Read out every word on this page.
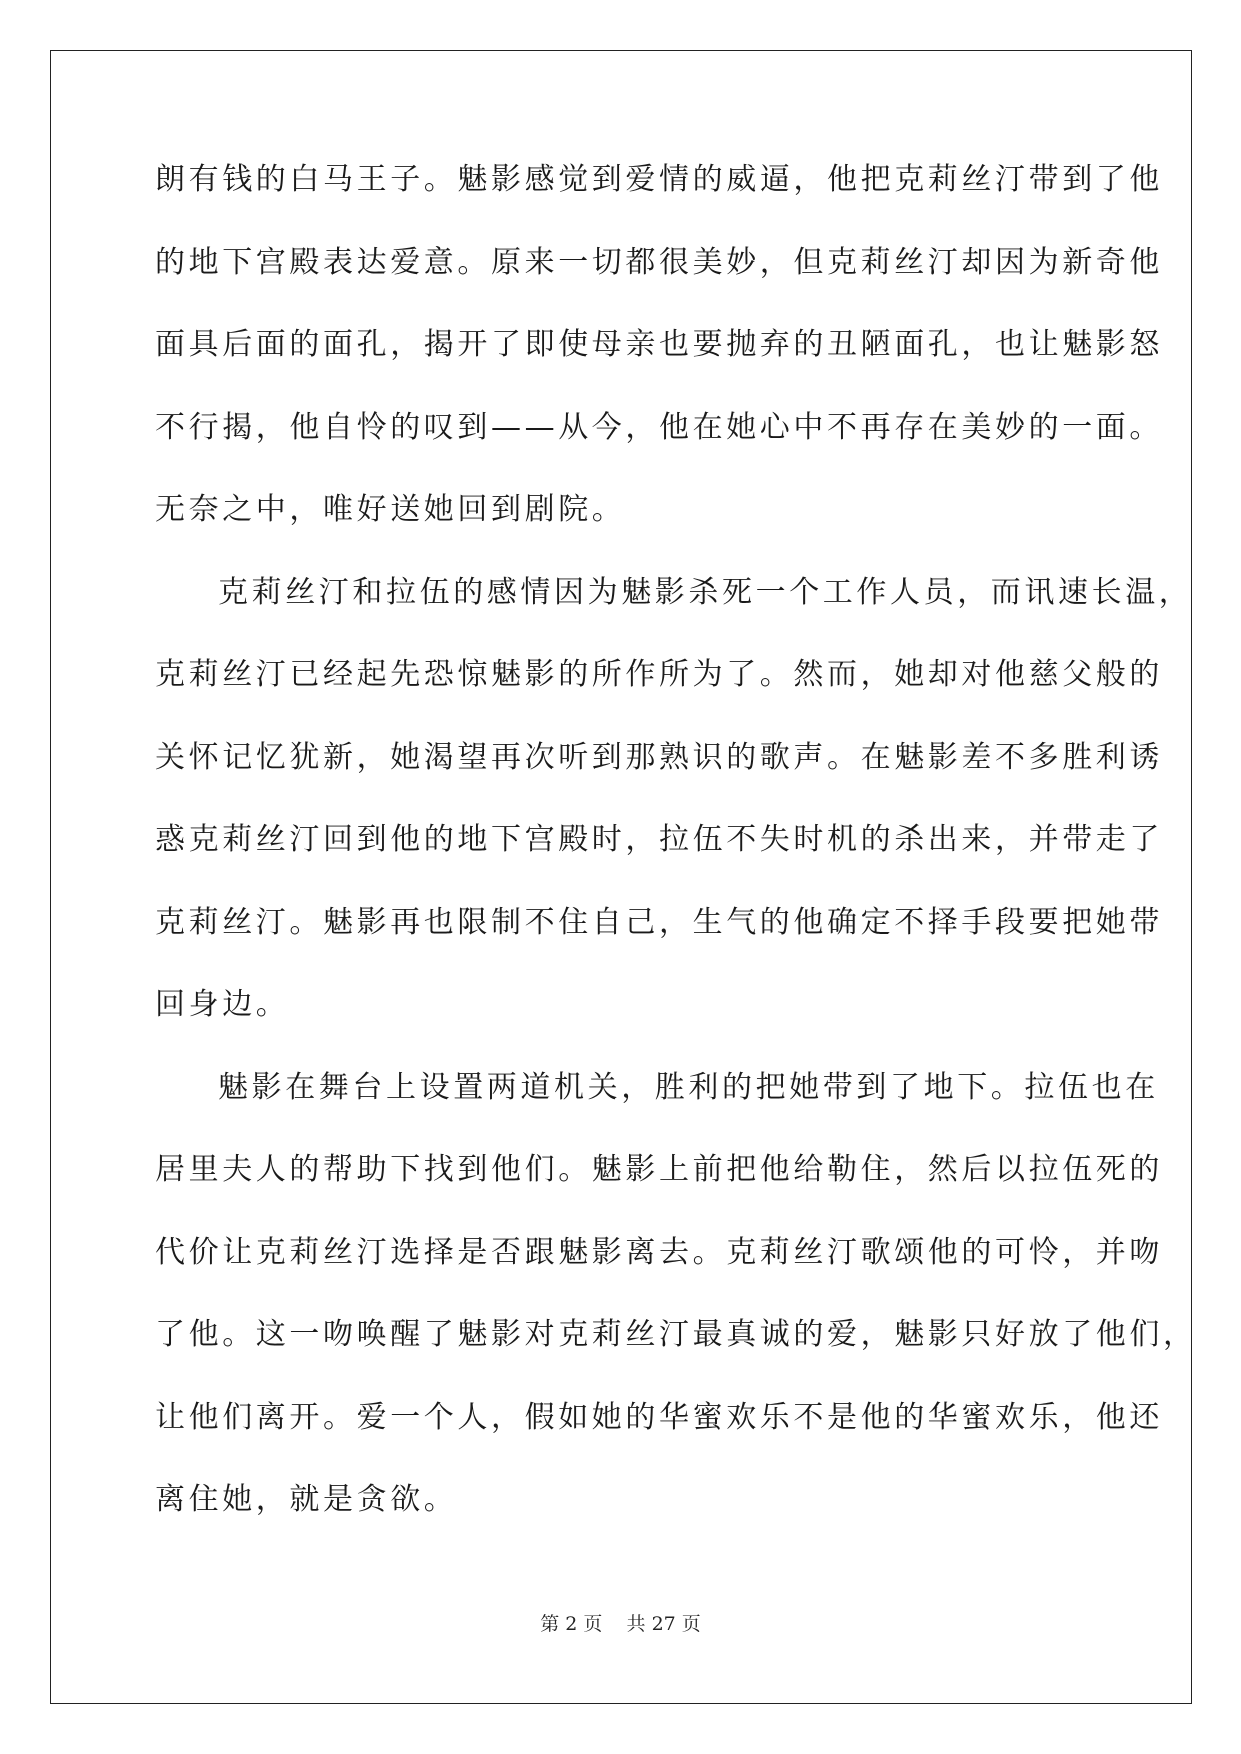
朗有钱的白马王子。魅影感觉到爱情的威逼，他把克莉丝汀带到了他
的地下宫殿表达爱意。原来一切都很美妙，但克莉丝汀却因为新奇他
面具后面的面孔，揭开了即使母亲也要抛弃的丑陋面孔，也让魅影怒
不行揭，他自怜的叹到——从今，他在她心中不再存在美妙的一面。
无奈之中，唯好送她回到剧院。
克莉丝汀和拉伍的感情因为魅影杀死一个工作人员，而讯速长温，
克莉丝汀已经起先恐惊魅影的所作所为了。然而，她却对他慈父般的
关怀记忆犹新，她渴望再次听到那熟识的歌声。在魅影差不多胜利诱
惑克莉丝汀回到他的地下宫殿时，拉伍不失时机的杀出来，并带走了
克莉丝汀。魅影再也限制不住自己，生气的他确定不择手段要把她带
回身边。
魅影在舞台上设置两道机关，胜利的把她带到了地下。拉伍也在
居里夫人的帮助下找到他们。魅影上前把他给勒住，然后以拉伍死的
代价让克莉丝汀选择是否跟魅影离去。克莉丝汀歌颂他的可怜，并吻
了他。这一吻唤醒了魅影对克莉丝汀最真诚的爱，魅影只好放了他们，
让他们离开。爱一个人，假如她的华蜜欢乐不是他的华蜜欢乐，他还
离住她，就是贪欲。
第 2 页    共 27 页
